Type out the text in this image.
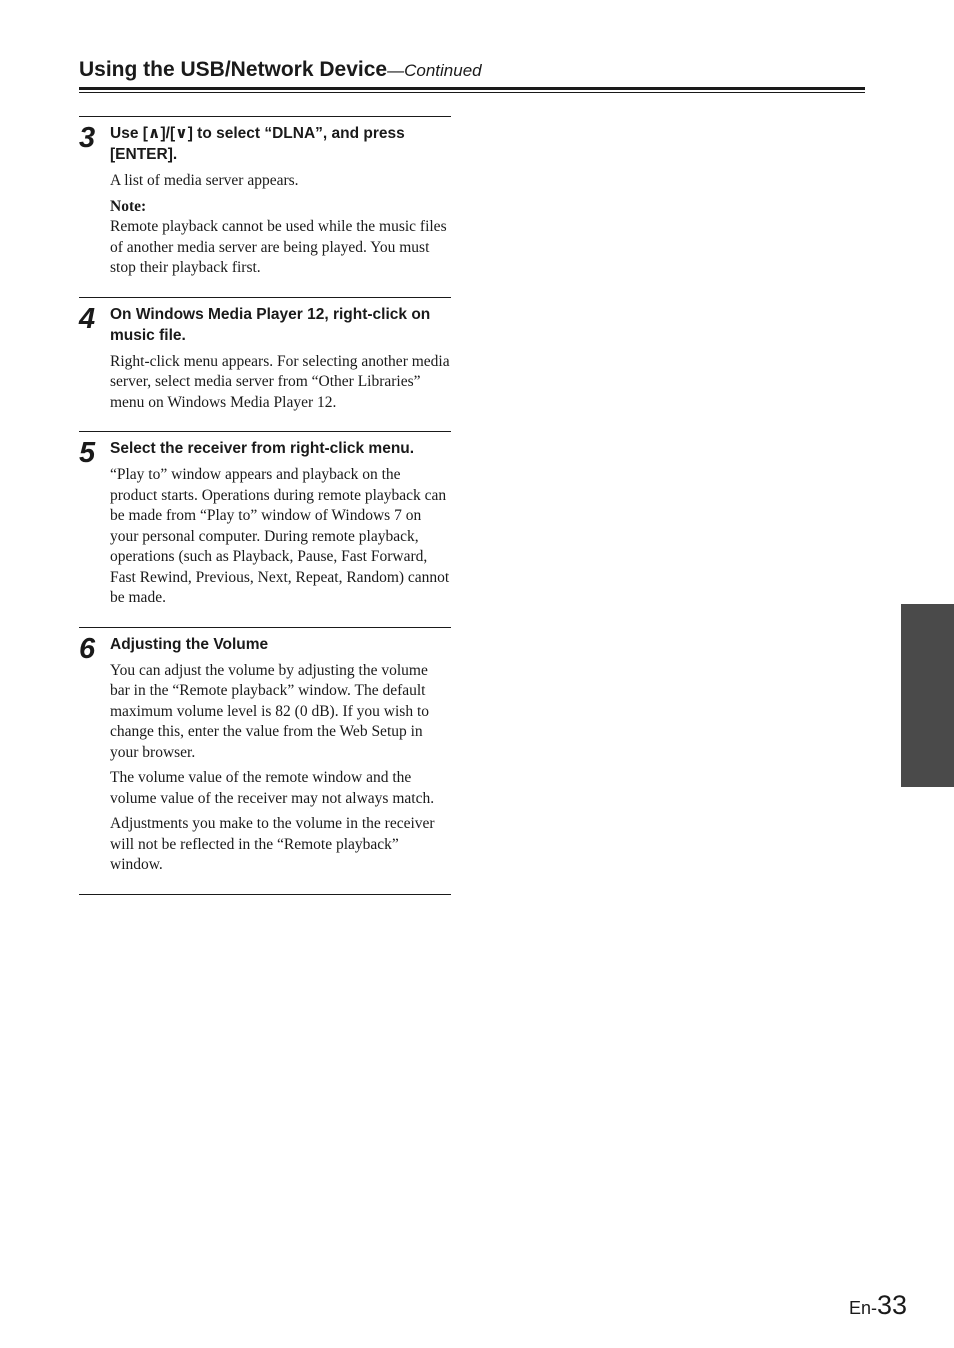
Using the USB/Network Device—Continued
3 Use [∧]/[∨] to select “DLNA”, and press [ENTER].

A list of media server appears.

Note:

Remote playback cannot be used while the music files of another media server are being played. You must stop their playback first.

4 On Windows Media Player 12, right-click on music file.

Right-click menu appears. For selecting another media server, select media server from “Other Libraries” menu on Windows Media Player 12.

5 Select the receiver from right-click menu.

“Play to” window appears and playback on the product starts. Operations during remote playback can be made from “Play to” window of Windows 7 on your personal computer. During remote playback, operations (such as Playback, Pause, Fast Forward, Fast Rewind, Previous, Next, Repeat, Random) cannot be made.

6 Adjusting the Volume

You can adjust the volume by adjusting the volume bar in the “Remote playback” window. The default maximum volume level is 82 (0 dB). If you wish to change this, enter the value from the Web Setup in your browser.

The volume value of the remote window and the volume value of the receiver may not always match.

Adjustments you make to the volume in the receiver will not be reflected in the “Remote playback” window.

En-33
